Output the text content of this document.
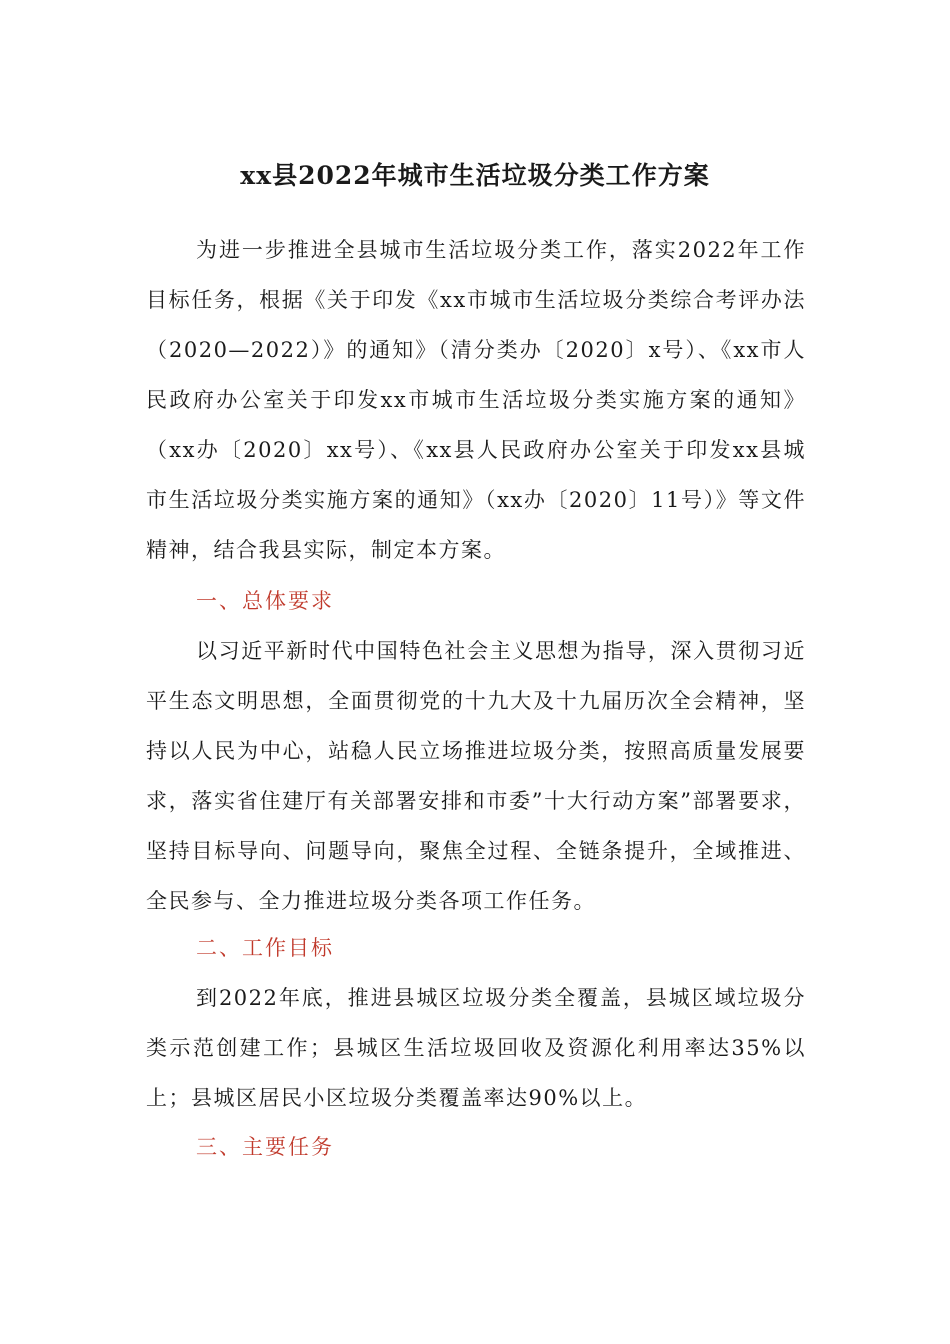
xx县2022年城市生活垃圾分类工作方案

为进一步推进全县城市生活垃圾分类工作，落实2022年工作目标任务，根据《关于印发《xx市城市生活垃圾分类综合考评办法（2020—2022）》的通知》（清分类办〔2020〕x号）、《xx市人民政府办公室关于印发xx市城市生活垃圾分类实施方案的通知》（xx办〔2020〕xx号）、《xx县人民政府办公室关于印发xx县城市生活垃圾分类实施方案的通知》（xx办〔2020〕11号）》等文件精神，结合我县实际，制定本方案。

一、总体要求

以习近平新时代中国特色社会主义思想为指导，深入贯彻习近平生态文明思想，全面贯彻党的十九大及十九届历次全会精神，坚持以人民为中心，站稳人民立场推进垃圾分类，按照高质量发展要求，落实省住建厅有关部署安排和市委”十大行动方案”部署要求，坚持目标导向、问题导向，聚焦全过程、全链条提升，全域推进、全民参与、全力推进垃圾分类各项工作任务。

二、工作目标

到2022年底，推进县城区垃圾分类全覆盖，县城区域垃圾分类示范创建工作；县城区生活垃圾回收及资源化利用率达35%以上；县城区居民小区垃圾分类覆盖率达90%以上。

三、主要任务
